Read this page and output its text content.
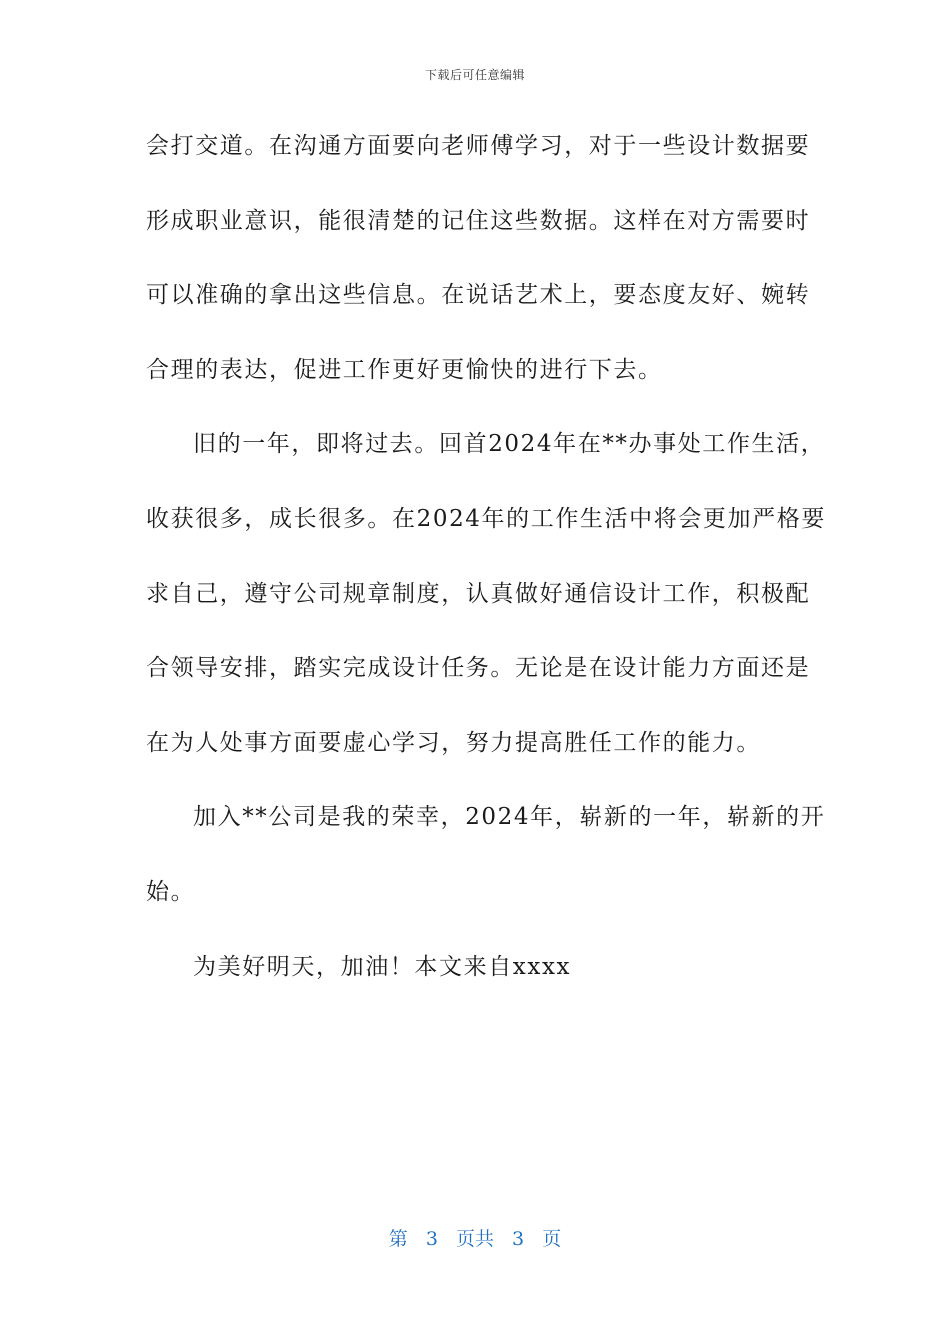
下载后可任意编辑
会打交道。在沟通方面要向老师傅学习，对于一些设计数据要
形成职业意识，能很清楚的记住这些数据。这样在对方需要时
可以准确的拿出这些信息。在说话艺术上，要态度友好、婉转
合理的表达，促进工作更好更愉快的进行下去。
旧的一年，即将过去。回首2024年在**办事处工作生活，
收获很多，成长很多。在2024年的工作生活中将会更加严格要
求自己，遵守公司规章制度，认真做好通信设计工作，积极配
合领导安排，踏实完成设计任务。无论是在设计能力方面还是
在为人处事方面要虚心学习，努力提高胜任工作的能力。
加入**公司是我的荣幸，2024年，崭新的一年，崭新的开
始。
为美好明天，加油！本文来自xxxx
第 3 页共 3 页
